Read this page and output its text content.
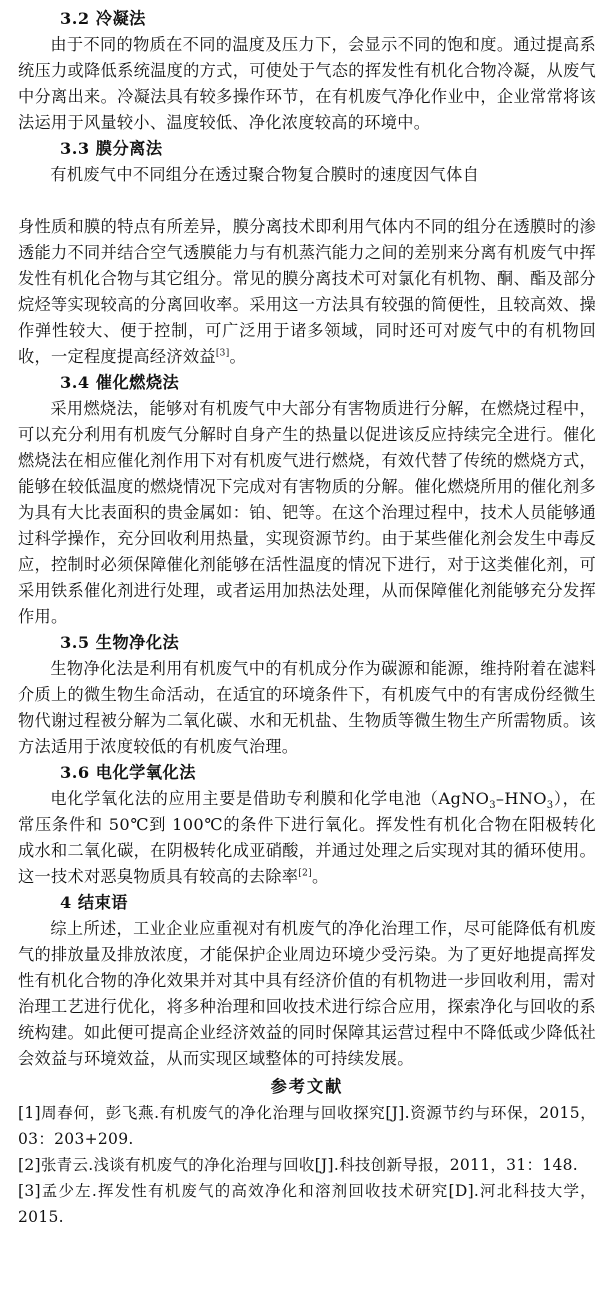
3.2 冷凝法

由于不同的物质在不同的温度及压力下，会显示不同的饱和度。通过提高系统压力或降低系统温度的方式，可使处于气态的挥发性有机化合物冷凝，从废气中分离出来。冷凝法具有较多操作环节，在有机废气净化作业中，企业常常将该法运用于风量较小、温度较低、净化浓度较高的环境中。

3.3 膜分离法

有机废气中不同组分在透过聚合物复合膜时的速度因气体自

身性质和膜的特点有所差异，膜分离技术即利用气体内不同的组分在透膜时的渗透能力不同并结合空气透膜能力与有机蒸汽能力之间的差别来分离有机废气中挥发性有机化合物与其它组分。常见的膜分离技术可对氯化有机物、酮、酯及部分烷烃等实现较高的分离回收率。采用这一方法具有较强的简便性，且较高效、操作弹性较大、便于控制，可广泛用于诸多领域，同时还可对废气中的有机物回收，一定程度提高经济效益[3]。

3.4 催化燃烧法

采用燃烧法，能够对有机废气中大部分有害物质进行分解，在燃烧过程中，可以充分利用有机废气分解时自身产生的热量以促进该反应持续完全进行。催化燃烧法在相应催化剂作用下对有机废气进行燃烧，有效代替了传统的燃烧方式，能够在较低温度的燃烧情况下完成对有害物质的分解。催化燃烧所用的催化剂多为具有大比表面积的贵金属如：铂、钯等。在这个治理过程中，技术人员能够通过科学操作，充分回收利用热量，实现资源节约。由于某些催化剂会发生中毒反应，控制时必须保障催化剂能够在活性温度的情况下进行，对于这类催化剂，可采用铁系催化剂进行处理，或者运用加热法处理，从而保障催化剂能够充分发挥作用。

3.5 生物净化法

生物净化法是利用有机废气中的有机成分作为碳源和能源，维持附着在滤料介质上的微生物生命活动，在适宜的环境条件下，有机废气中的有害成份经微生物代谢过程被分解为二氧化碳、水和无机盐、生物质等微生物生产所需物质。该方法适用于浓度较低的有机废气治理。

3.6 电化学氧化法

电化学氧化法的应用主要是借助专利膜和化学电池$(AgNO_3-HNO_3)$，在常压条件和 50℃到 100℃的条件下进行氧化。挥发性有机化合物在阳极转化成水和二氧化碳，在阴极转化成亚硝酸，并通过处理之后实现对其的循环使用。这一技术对恶臭物质具有较高的去除率[2]。

4 结束语

综上所述，工业企业应重视对有机废气的净化治理工作，尽可能降低有机废气的排放量及排放浓度，才能保护企业周边环境少受污染。为了更好地提高挥发性有机化合物的净化效果并对其中具有经济价值的有机物进一步回收利用，需对治理工艺进行优化，将多种治理和回收技术进行综合应用，探索净化与回收的系统构建。如此便可提高企业经济效益的同时保障其运营过程中不降低或少降低社会效益与环境效益，从而实现区域整体的可持续发展。

参考文献

[1]周春何，彭飞燕.有机废气的净化治理与回收探究[J].资源节约与环保，2015，03：203+209.

[2]张青云.浅谈有机废气的净化治理与回收[J].科技创新导报，2011，31：148.

[3]孟少左.挥发性有机废气的高效净化和溶剂回收技术研究[D].河北科技大学，2015.
